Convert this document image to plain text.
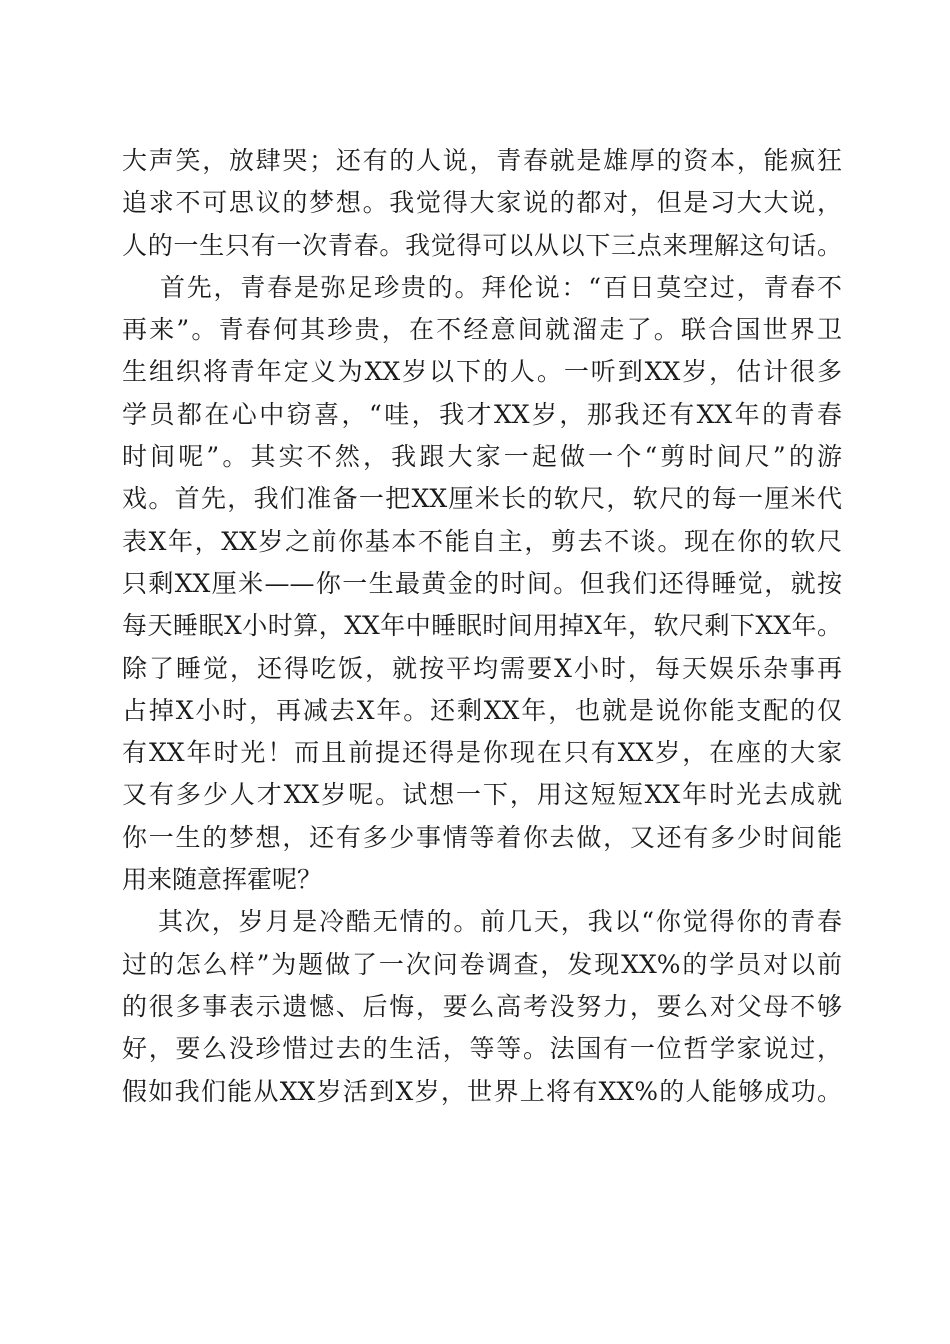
大声笑，放肆哭；还有的人说，青春就是雄厚的资本，能疯狂
追求不可思议的梦想。我觉得大家说的都对，但是习大大说，
人的一生只有一次青春。我觉得可以从以下三点来理解这句话。
首先，青春是弥足珍贵的。拜伦说：“百日莫空过，青春不
再来”。青春何其珍贵，在不经意间就溜走了。联合国世界卫
生组织将青年定义为XX岁以下的人。一听到XX岁，估计很多
学员都在心中窃喜，“哇，我才XX岁，那我还有XX年的青春
时间呢”。其实不然，我跟大家一起做一个“剪时间尺”的游
戏。首先，我们准备一把XX厘米长的软尺，软尺的每一厘米代
表X年，XX岁之前你基本不能自主，剪去不谈。现在你的软尺
只剩XX厘米——你一生最黄金的时间。但我们还得睡觉，就按
每天睡眠X小时算，XX年中睡眠时间用掉X年，软尺剩下XX年。
除了睡觉，还得吃饭，就按平均需要X小时，每天娱乐杂事再
占掉X小时，再减去X年。还剩XX年，也就是说你能支配的仅
有XX年时光！而且前提还得是你现在只有XX岁，在座的大家
又有多少人才XX岁呢。试想一下，用这短短XX年时光去成就
你一生的梦想，还有多少事情等着你去做，又还有多少时间能
用来随意挥霍呢？
其次，岁月是冷酷无情的。前几天，我以“你觉得你的青春
过的怎么样”为题做了一次问卷调查，发现XX%的学员对以前
的很多事表示遗憾、后悔，要么高考没努力，要么对父母不够
好，要么没珍惜过去的生活，等等。法国有一位哲学家说过，
假如我们能从XX岁活到X岁，世界上将有XX%的人能够成功。
